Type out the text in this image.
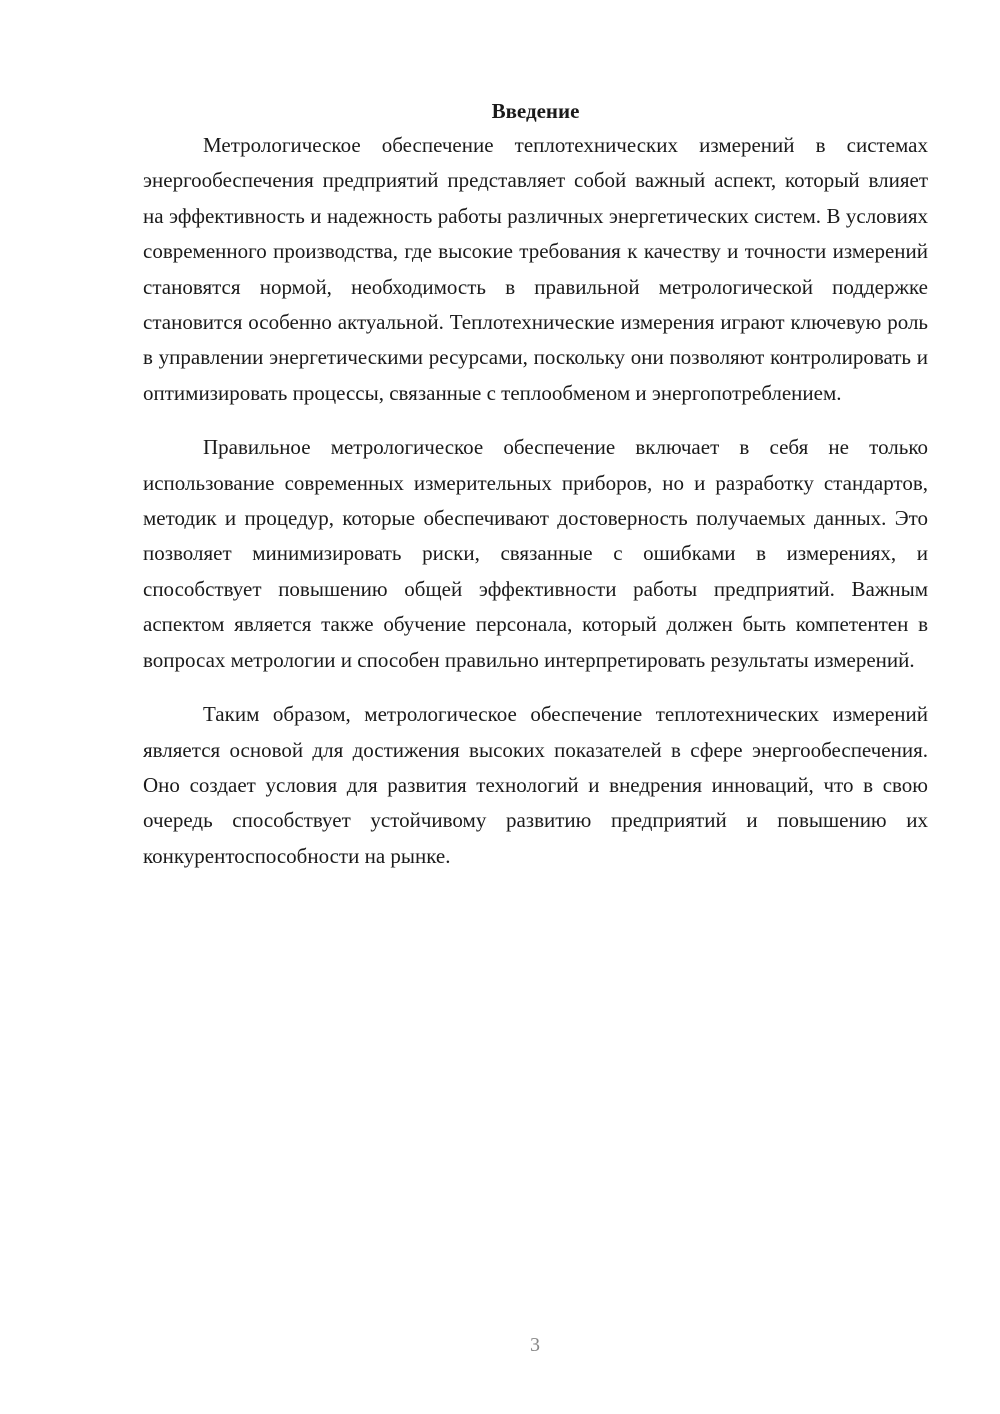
Введение

Метрологическое обеспечение теплотехнических измерений в системах энергообеспечения предприятий представляет собой важный аспект, который влияет на эффективность и надежность работы различных энергетических систем. В условиях современного производства, где высокие требования к качеству и точности измерений становятся нормой, необходимость в правильной метрологической поддержке становится особенно актуальной. Теплотехнические измерения играют ключевую роль в управлении энергетическими ресурсами, поскольку они позволяют контролировать и оптимизировать процессы, связанные с теплообменом и энергопотреблением.

Правильное метрологическое обеспечение включает в себя не только использование современных измерительных приборов, но и разработку стандартов, методик и процедур, которые обеспечивают достоверность получаемых данных. Это позволяет минимизировать риски, связанные с ошибками в измерениях, и способствует повышению общей эффективности работы предприятий. Важным аспектом является также обучение персонала, который должен быть компетентен в вопросах метрологии и способен правильно интерпретировать результаты измерений.

Таким образом, метрологическое обеспечение теплотехнических измерений является основой для достижения высоких показателей в сфере энергообеспечения. Оно создает условия для развития технологий и внедрения инноваций, что в свою очередь способствует устойчивому развитию предприятий и повышению их конкурентоспособности на рынке.

3
